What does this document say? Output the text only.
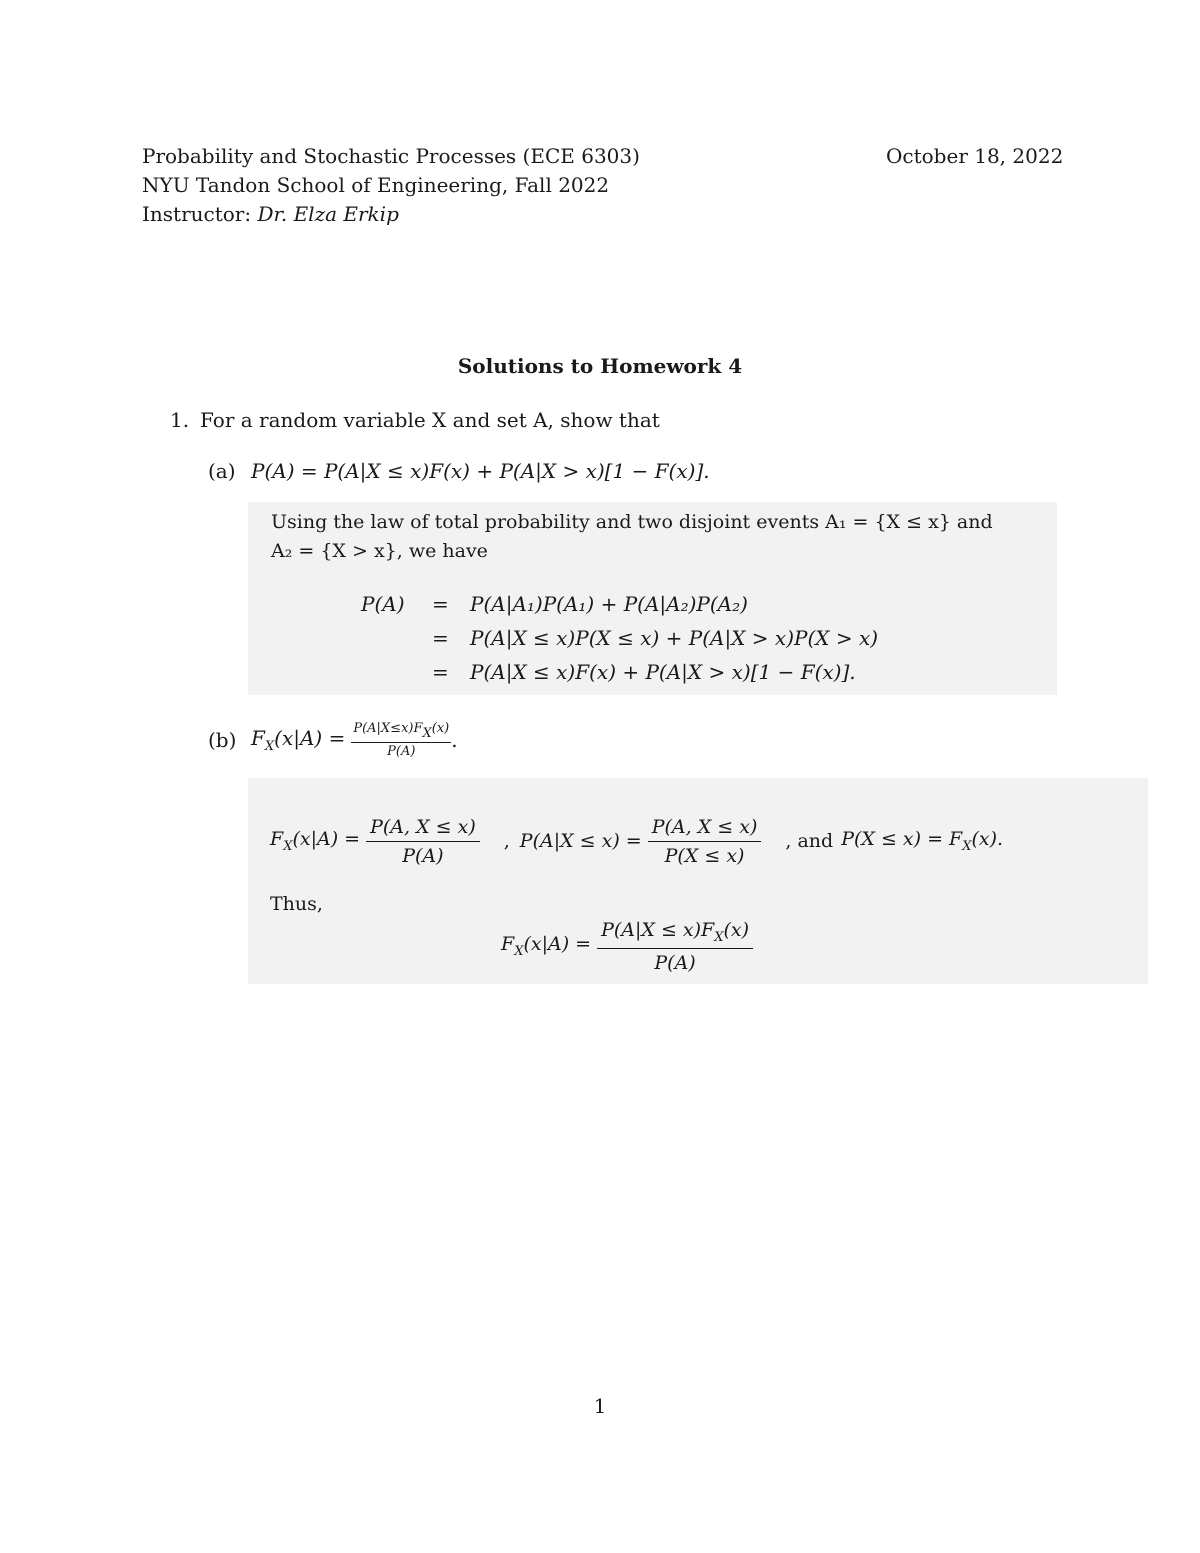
Probability and Stochastic Processes (ECE 6303)	October 18, 2022
NYU Tandon School of Engineering, Fall 2022
Instructor: Dr. Elza Erkip
Solutions to Homework 4
1. For a random variable X and set A, show that
(a) P(A) = P(A|X ≤ x)F(x) + P(A|X > x)[1 − F(x)].
Using the law of total probability and two disjoint events A₁ = {X ≤ x} and
A₂ = {X > x}, we have
P(A) = P(A|A₁)P(A₁) + P(A|A₂)P(A₂)
= P(A|X ≤ x)P(X ≤ x) + P(A|X > x)P(X > x)
= P(A|X ≤ x)F(x) + P(A|X > x)[1 − F(x)].
(b) $F_X(x|A) = \frac{P(A|X\le x)FX(x)}{P(A)}$ .
$F_X(x|A) = \frac{P(A, X \le x)}{P(A)}$ , $P(A|X \le x) = \frac{P(A, X \le x)}{P(X \le x)}$ , and $P(X \le x) = F_X(x)$.
Thus,
$F_X(x|A) = \frac{P(A|X \le x)F_X(x)}{P(A)}$
1
